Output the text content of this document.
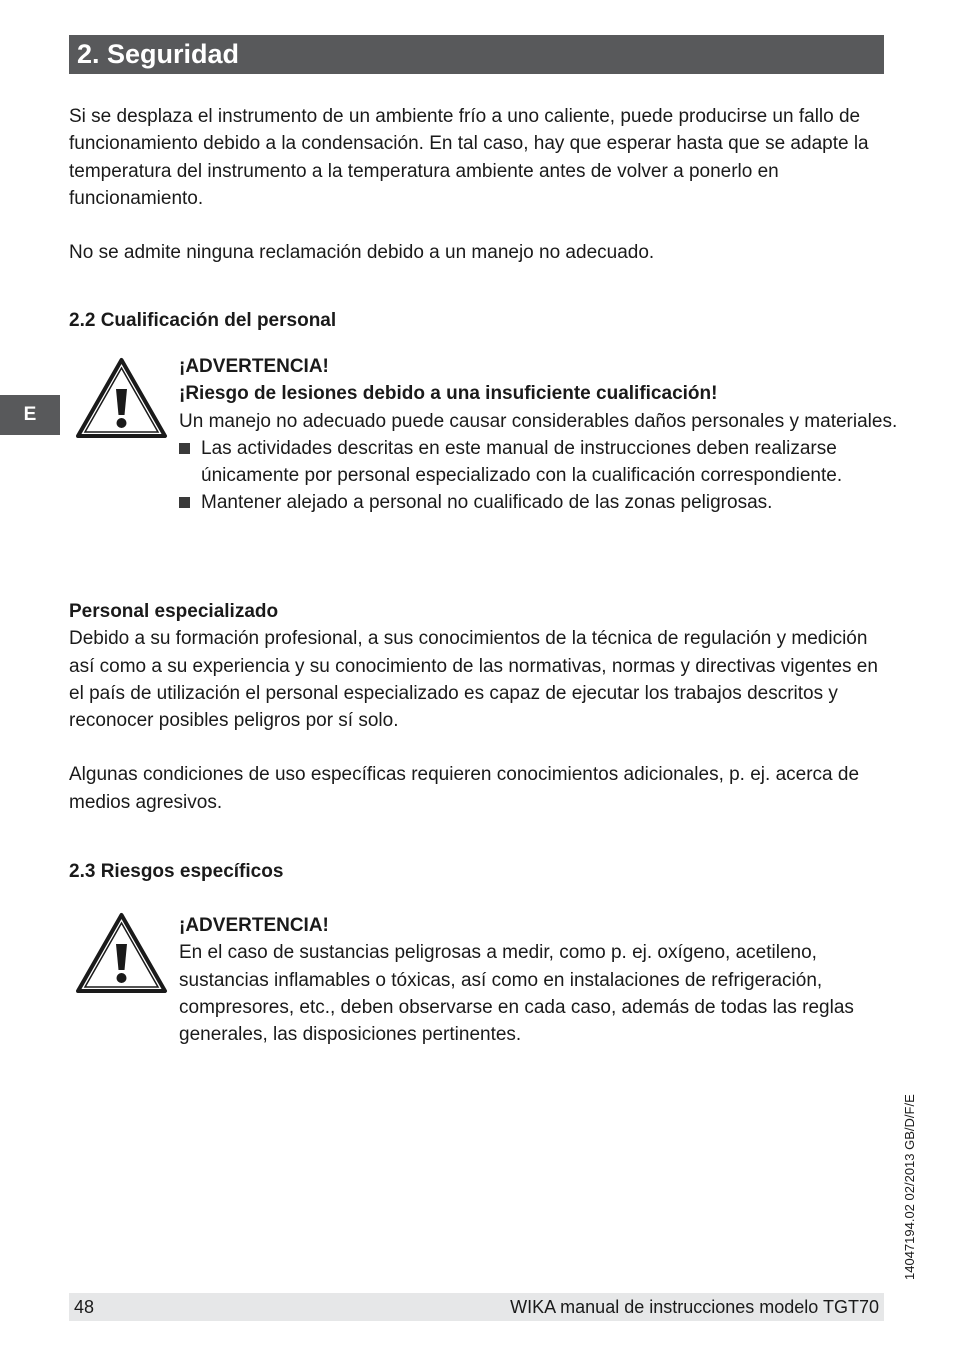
2. Seguridad
E

Si se desplaza el instrumento de un ambiente frío a uno caliente, puede producirse un fallo de funcionamiento debido a la condensación. En tal caso, hay que esperar hasta que se adapte la temperatura del instrumento a la temperatura ambiente antes de volver a ponerlo en funcionamiento.

No se admite ninguna reclamación debido a un manejo no adecuado.

2.2 Cualificación del personal

¡ADVERTENCIA!

¡Riesgo de lesiones debido a una insuficiente cualificación!

Un manejo no adecuado puede causar considerables daños personales y materiales.

Las actividades descritas en este manual de instrucciones deben realizarse únicamente por personal especializado con la cualificación correspondiente.
Mantener alejado a personal no cualificado de las zonas peligrosas.

Personal especializado

Debido a su formación profesional, a sus conocimientos de la técnica de regulación y medición así como a su experiencia y su conocimiento de las normativas, normas y directivas vigentes en el país de utilización el personal especializado es capaz de ejecutar los trabajos descritos y reconocer posibles peligros por sí solo.

Algunas condiciones de uso específicas requieren conocimientos adicionales, p. ej. acerca de medios agresivos.

2.3 Riesgos específicos

¡ADVERTENCIA!

En el caso de sustancias peligrosas a medir, como p. ej. oxígeno, acetileno, sustancias inflamables o tóxicas, así como en instalaciones de refrigeración, compresores, etc., deben observarse en cada caso, además de todas las reglas generales, las disposiciones pertinentes.

14047194.02 02/2013 GB/D/F/E
48	WIKA manual de instrucciones modelo TGT70
